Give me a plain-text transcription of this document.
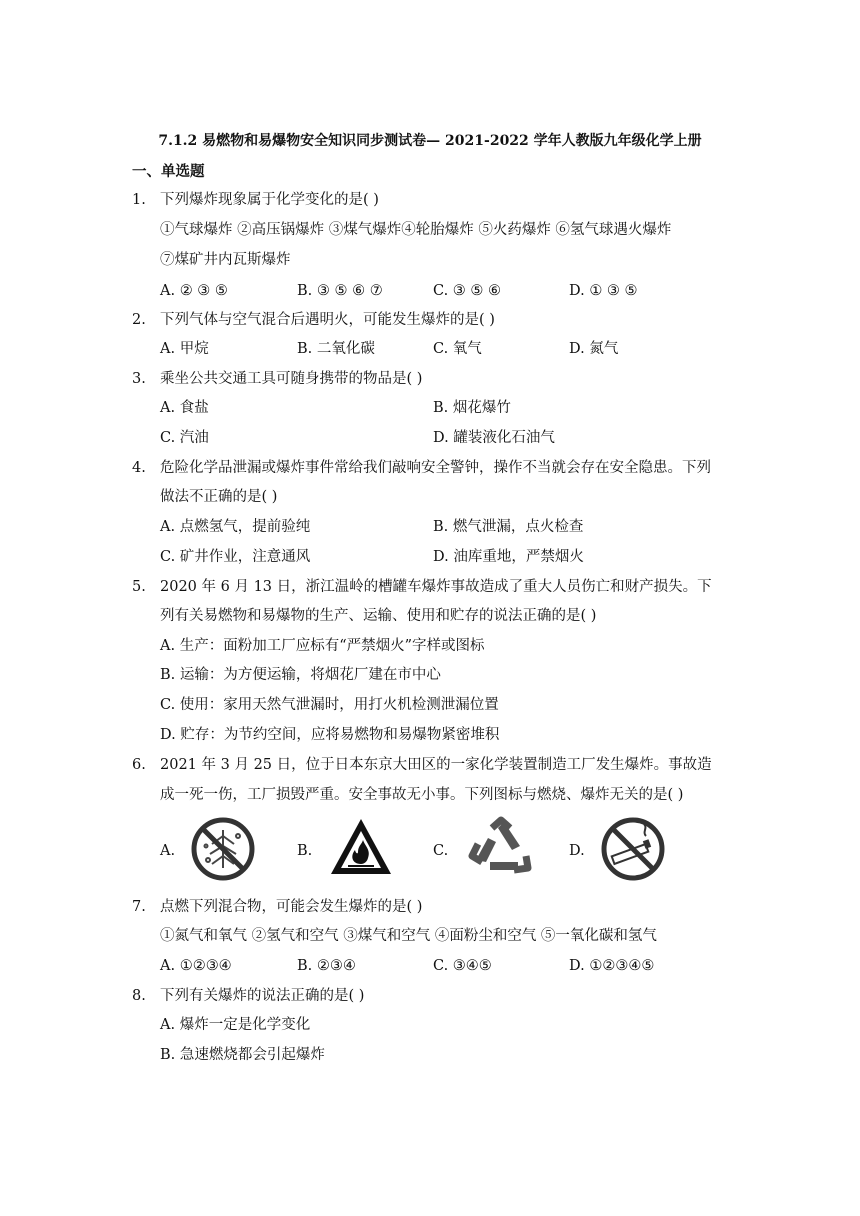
7.1.2 易燃物和易爆物安全知识同步测试卷— 2021-2022 学年人教版九年级化学上册
一、单选题
1. 下列爆炸现象属于化学变化的是( )
①气球爆炸 ②高压锅爆炸 ③煤气爆炸④轮胎爆炸 ⑤火药爆炸 ⑥氢气球遇火爆炸
⑦煤矿井内瓦斯爆炸
A. ② ③ ⑤	B. ③ ⑤ ⑥ ⑦	C. ③ ⑤ ⑥	D. ① ③ ⑤
2. 下列气体与空气混合后遇明火，可能发生爆炸的是( )
A. 甲烷	B. 二氧化碳	C. 氧气	D. 氮气
3. 乘坐公共交通工具可随身携带的物品是( )
A. 食盐	B. 烟花爆竹
C. 汽油	D. 罐装液化石油气
4. 危险化学品泄漏或爆炸事件常给我们敲响安全警钟，操作不当就会存在安全隐患。下列
做法不正确的是( )
A. 点燃氢气，提前验纯	B. 燃气泄漏，点火检查
C. 矿井作业，注意通风	D. 油库重地，严禁烟火
5. 2020 年 6 月 13 日，浙江温岭的槽罐车爆炸事故造成了重大人员伤亡和财产损失。下
列有关易燃物和易爆物的生产、运输、使用和贮存的说法正确的是( )
A. 生产：面粉加工厂应标有“严禁烟火”字样或图标
B. 运输：为方便运输，将烟花厂建在市中心
C. 使用：家用天然气泄漏时，用打火机检测泄漏位置
D. 贮存：为节约空间，应将易燃物和易爆物紧密堆积
6. 2021 年 3 月 25 日，位于日本东京大田区的一家化学装置制造工厂发生爆炸。事故造
成一死一伤，工厂损毁严重。安全事故无小事。下列图标与燃烧、爆炸无关的是( )
A.	B.	C.	D.
7. 点燃下列混合物，可能会发生爆炸的是( )
①氮气和氧气 ②氢气和空气 ③煤气和空气 ④面粉尘和空气 ⑤一氧化碳和氢气
A. ①②③④	B. ②③④	C. ③④⑤	D. ①②③④⑤
8. 下列有关爆炸的说法正确的是( )
A. 爆炸一定是化学变化
B. 急速燃烧都会引起爆炸
